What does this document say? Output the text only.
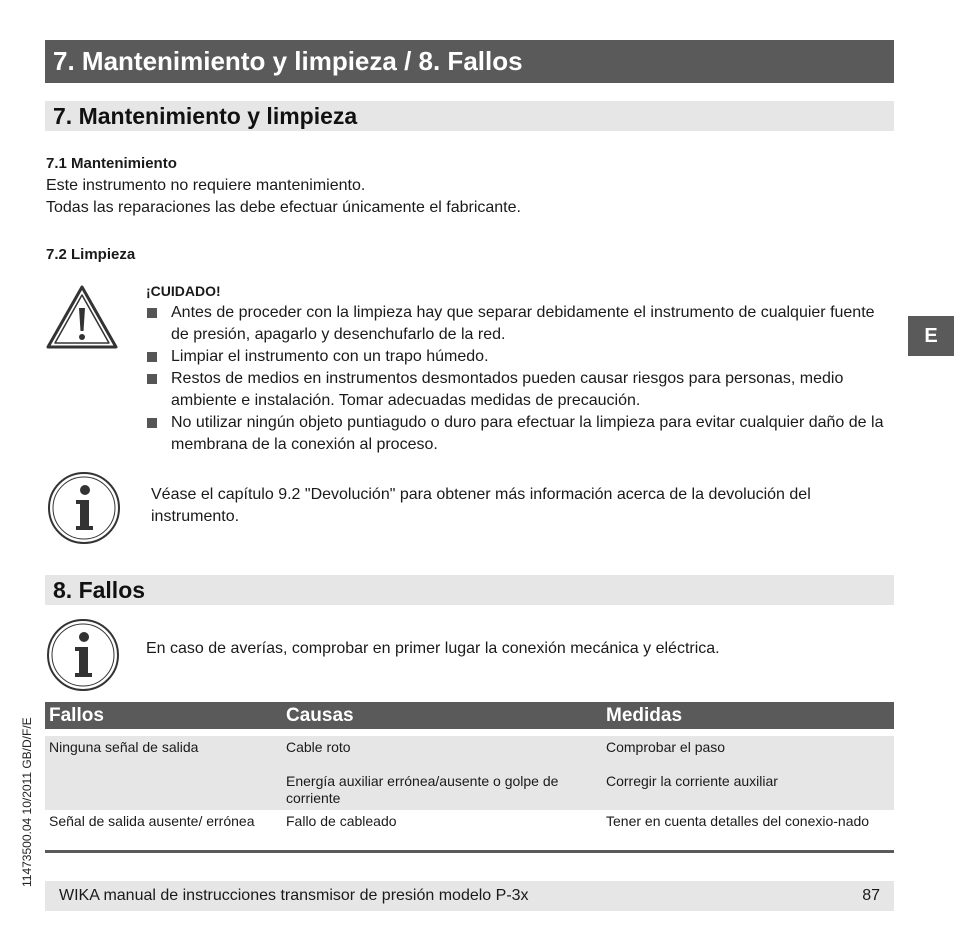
7. Mantenimiento y limpieza / 8. Fallos
7. Mantenimiento y limpieza
7.1 Mantenimiento
Este instrumento no requiere mantenimiento.
Todas las reparaciones las debe efectuar únicamente el fabricante.
7.2 Limpieza
¡CUIDADO!
Antes de proceder con la limpieza hay que separar debidamente el instrumento de cualquier fuente de presión, apagarlo y desenchufarlo de la red.
Limpiar el instrumento con un trapo húmedo.
Restos de medios en instrumentos desmontados pueden causar riesgos para personas, medio ambiente e instalación. Tomar adecuadas medidas de precaución.
No utilizar ningún objeto puntiagudo o duro para efectuar la limpieza para evitar cualquier daño de la membrana de la conexión al proceso.
Véase el capítulo 9.2 "Devolución" para obtener más información acerca de la devolución del instrumento.
8. Fallos
En caso de averías, comprobar en primer lugar la conexión mecánica y eléctrica.
Fallos	Causas	Medidas

Ninguna señal de salida	Cable roto	Comprobar el paso
	Energía auxiliar errónea/ausente o golpe de corriente	Corregir la corriente auxiliar
Señal de salida ausente/ errónea	Fallo de cableado	Tener en cuenta detalles del conexio-nado
WIKA manual de instrucciones transmisor de presión modelo P-3x	87
E
11473500.04 10/2011 GB/D/F/E
